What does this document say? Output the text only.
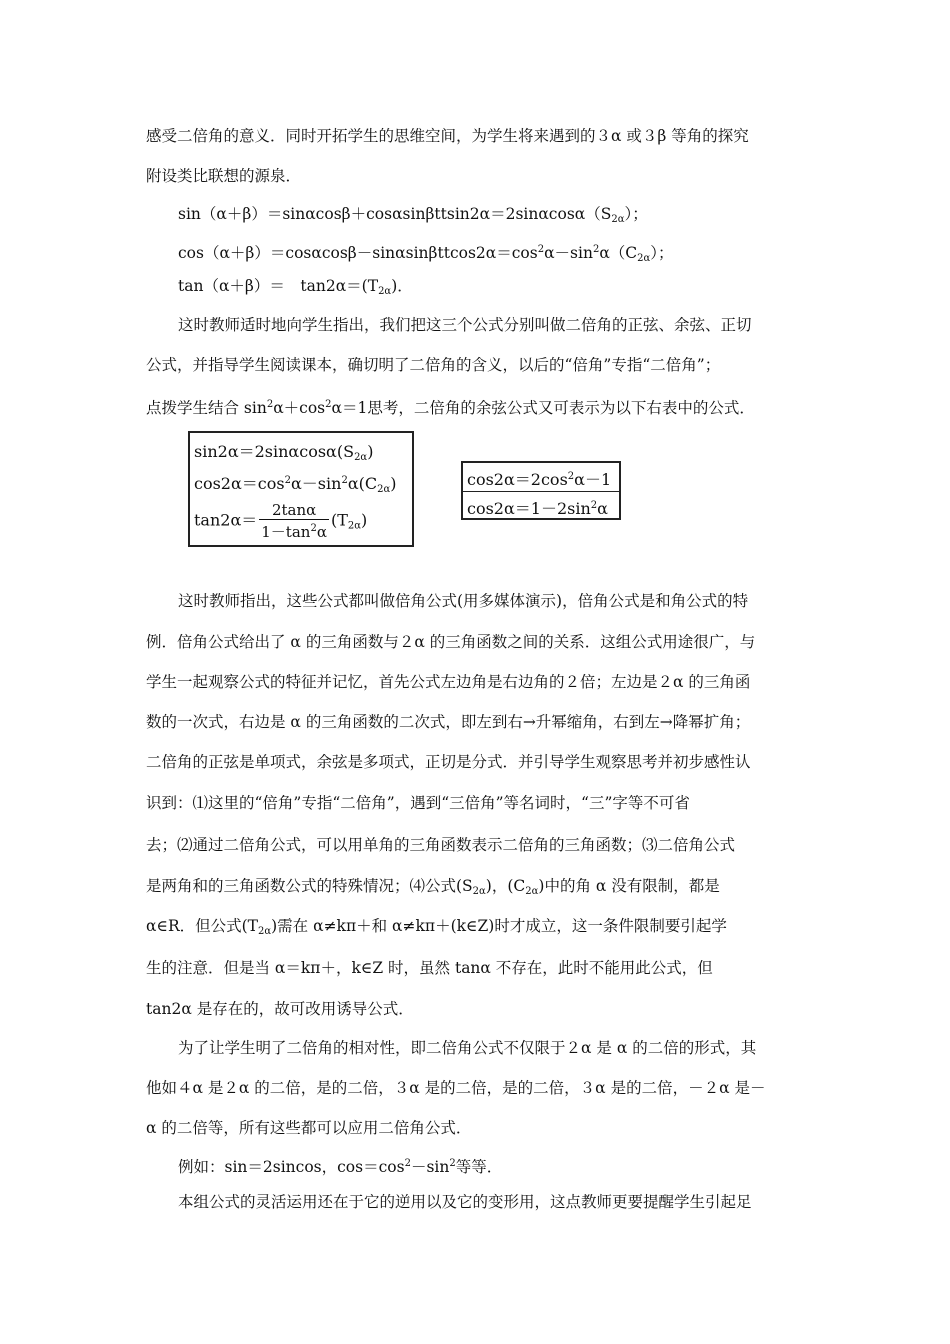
感受二倍角的意义．同时开拓学生的思维空间，为学生将来遇到的３α 或３β 等角的探究
附设类比联想的源泉．
$\sin(\alpha+\beta)=\sin\alpha\cos\beta+\cos\alpha\sin\beta ttsin2\alpha=2\sin\alpha\cos\alpha(S_{2\alpha})$；
$\cos(\alpha+\beta)=\cos\alpha\cos\beta-\sin\alpha\sin\beta ttcos2\alpha=\cos^2\alpha-\sin^2\alpha(C_{2\alpha})$；
tan（α＋β）＝　$\tan 2\alpha=(T_{2\alpha})$．
这时教师适时地向学生指出，我们把这三个公式分别叫做二倍角的正弦、余弦、正切
公式，并指导学生阅读课本，确切明了二倍角的含义，以后的“倍角”专指“二倍角”；
点拨学生结合 $\sin^2\alpha+\cos^2\alpha=1$思考，二倍角的余弦公式又可表示为以下右表中的公式．
$\sin 2\alpha=2\sin\alpha\cos\alpha(S_{2\alpha})$
$\cos 2\alpha=\cos^2\alpha-\sin^2\alpha(C_{2\alpha})$
$\tan 2\alpha= \frac{2\tan\alpha}{1-\tan^2\alpha} (T_{2\alpha})$
$\cos 2\alpha=2\cos^2\alpha-1$
$\cos 2\alpha=1-2\sin^2\alpha$
这时教师指出，这些公式都叫做倍角公式(用多媒体演示)，倍角公式是和角公式的特
例．倍角公式给出了 α 的三角函数与２α 的三角函数之间的关系．这组公式用途很广，与
学生一起观察公式的特征并记忆，首先公式左边角是右边角的２倍；左边是２α 的三角函
数的一次式，右边是 α 的三角函数的二次式，即左到右→升幂缩角，右到左→降幂扩角；
二倍角的正弦是单项式，余弦是多项式，正切是分式．并引导学生观察思考并初步感性认
识到：⑴这里的“倍角”专指“二倍角”，遇到“三倍角”等名词时，“三”字等不可省
去；⑵通过二倍角公式，可以用单角的三角函数表示二倍角的三角函数；⑶二倍角公式
是两角和的三角函数公式的特殊情况；⑷公式$(S_{2\alpha})$，$(C_{2\alpha})$中的角 α 没有限制，都是
α∈R．但公式$(T_{2\alpha})$需在 α≠kπ＋和 α≠kπ＋(k∈Z)时才成立，这一条件限制要引起学
生的注意．但是当 α＝kπ＋，k∈Z 时，虽然 tanα 不存在，此时不能用此公式，但
tan2α 是存在的，故可改用诱导公式．
为了让学生明了二倍角的相对性，即二倍角公式不仅限于２α 是 α 的二倍的形式，其
他如４α 是２α 的二倍，是的二倍，３α 是的二倍，是的二倍，３α 是的二倍，－２α 是－
α 的二倍等，所有这些都可以应用二倍角公式．
例如：sin＝2sincos，$\cos=\cos^2-\sin^2$等等．
本组公式的灵活运用还在于它的逆用以及它的变形用，这点教师更要提醒学生引起足
